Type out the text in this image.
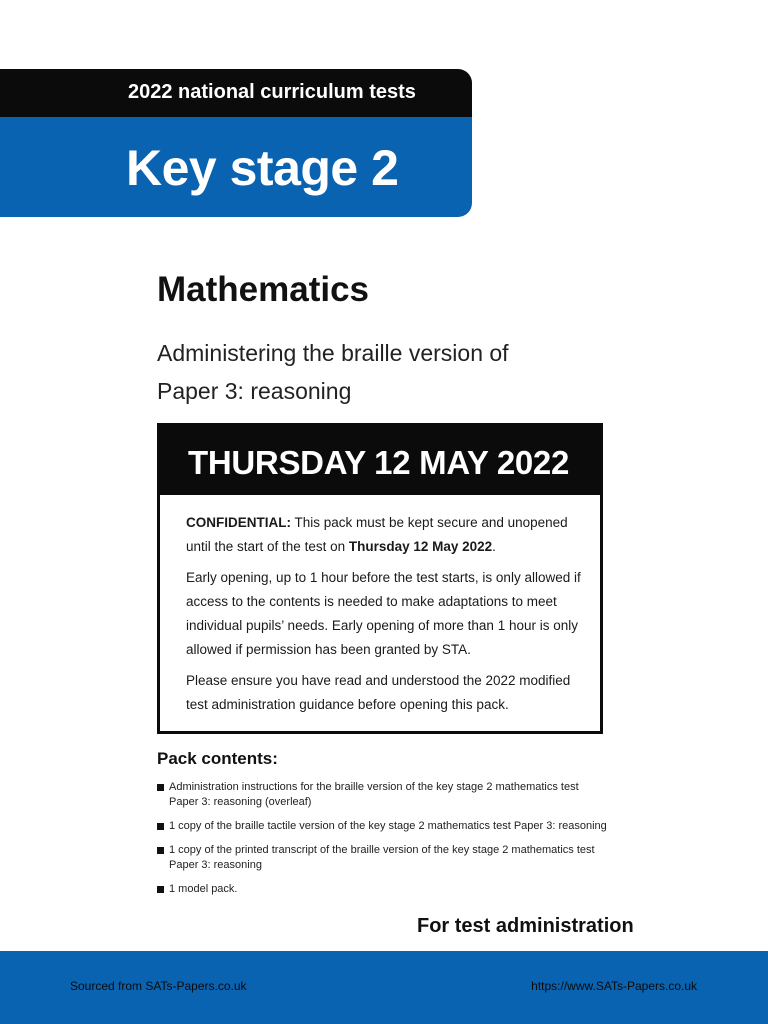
2022 national curriculum tests
Key stage 2
Mathematics
Administering the braille version of
Paper 3: reasoning
THURSDAY 12 MAY 2022

CONFIDENTIAL: This pack must be kept secure and unopened until the start of the test on Thursday 12 May 2022.

Early opening, up to 1 hour before the test starts, is only allowed if access to the contents is needed to make adaptations to meet individual pupils’ needs. Early opening of more than 1 hour is only allowed if permission has been granted by STA.

Please ensure you have read and understood the 2022 modified test administration guidance before opening this pack.

Pack contents:
Administration instructions for the braille version of the key stage 2 mathematics test Paper 3: reasoning (overleaf)
1 copy of the braille tactile version of the key stage 2 mathematics test Paper 3: reasoning
1 copy of the printed transcript of the braille version of the key stage 2 mathematics test Paper 3: reasoning
1 model pack.
For test administration
Sourced from SATs-Papers.co.uk	https://www.SATs-Papers.co.uk
